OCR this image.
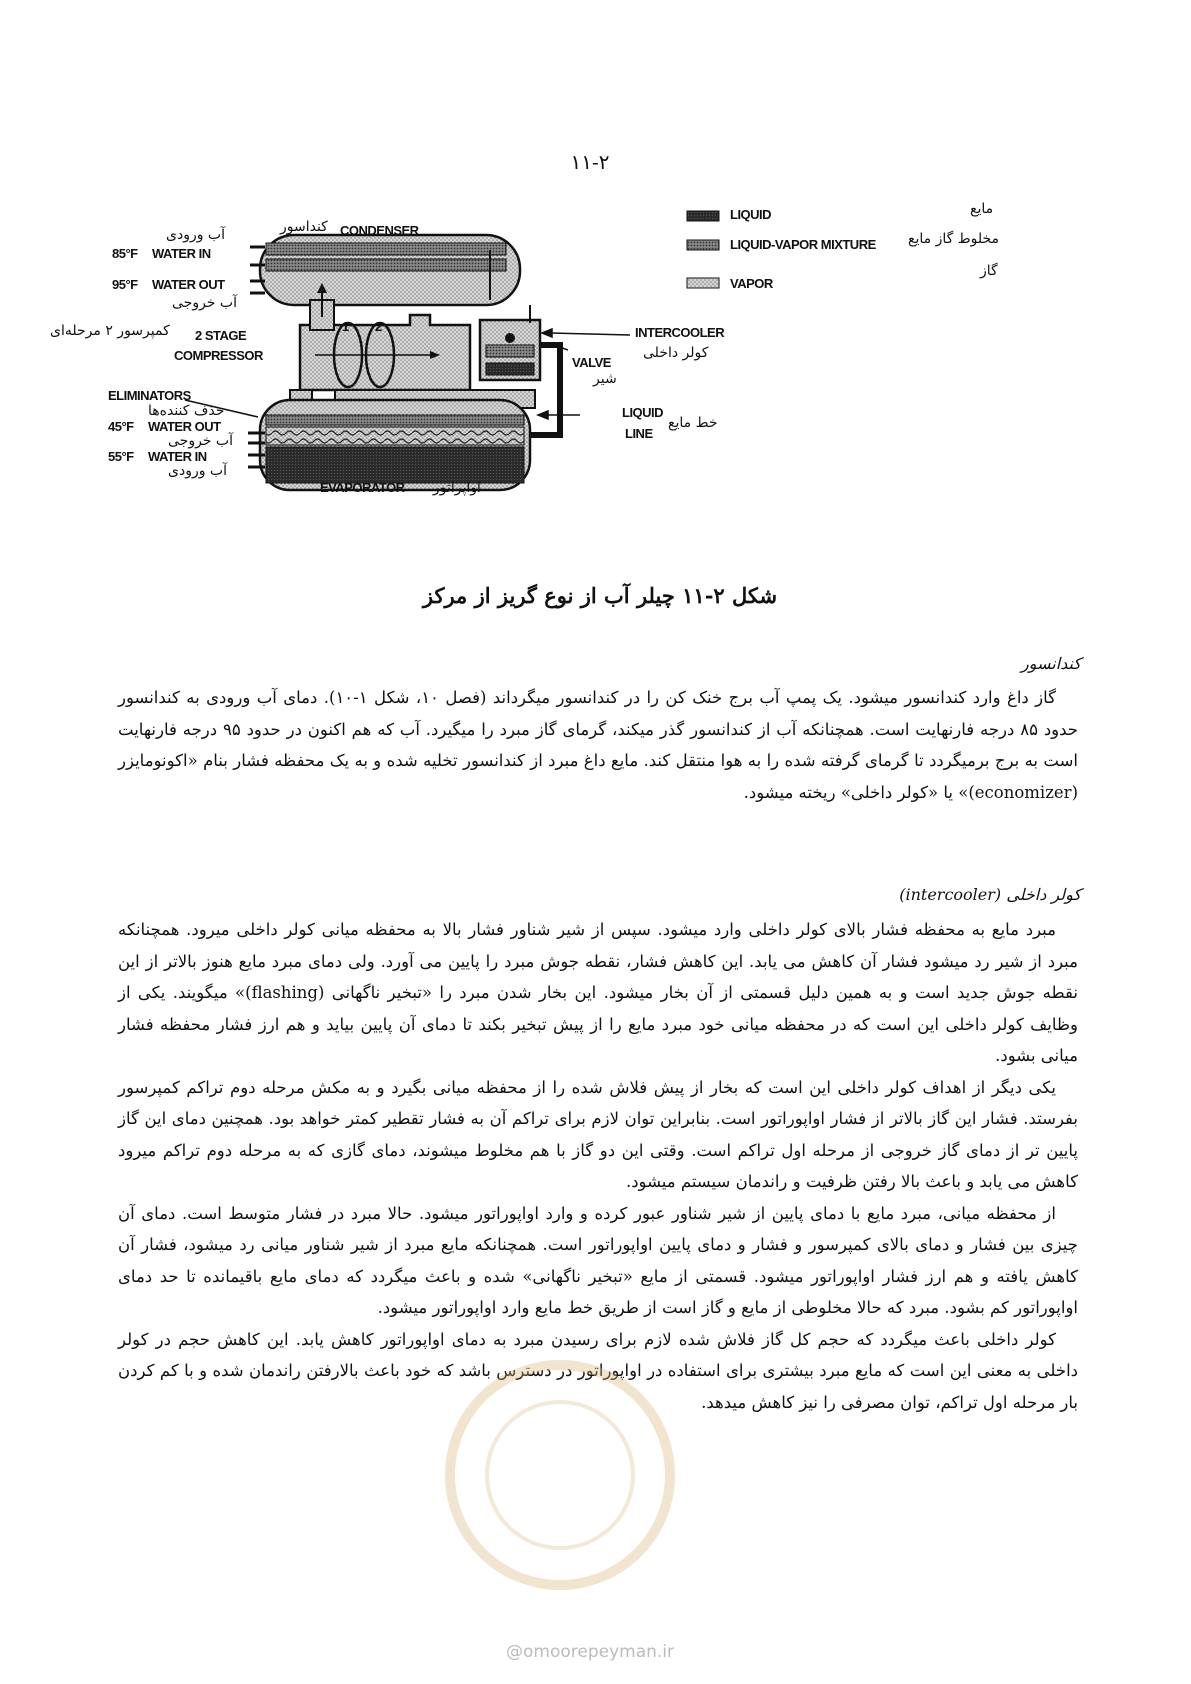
۱۱-۲
CONDENSER
85°F WATER IN
95°F WATER OUT
2 STAGE
COMPRESSOR
1 2	INTERCOOLER
VALVE
ELIMINATORS
45°F WATER OUT
55°F WATER IN
LIQUID
LINE
EVAPORATOR
کنداسور
آب ورودی
آب خروجی
کمپرسور ۲ مرحله‌ای
کولر داخلی
شیر
حذف کننده‌ها
آب خروجی
آب ورودی
خط مایع
اواپراتور
LIQUID
LIQUID-VAPOR MIXTURE
VAPOR
مایع
مخلوط گاز مایع
گاز
شکل ۲-۱۱ چیلر آب از نوع گریز از مرکز
کندانسور

گاز داغ وارد کندانسور میشود. یک پمپ آب برج خنک کن را در کندانسور میگرداند (فصل ۱۰، شکل ۱-۱۰). دمای آب ورودی به کندانسور حدود ۸۵ درجه فارنهایت است. همچنانکه آب از کندانسور گذر میکند، گرمای گاز مبرد را میگیرد. آب که هم اکنون در حدود ۹۵ درجه فارنهایت است به برج برمیگردد تا گرمای گرفته شده را به هوا منتقل کند. مایع داغ مبرد از کندانسور تخلیه شده و به یک محفظه فشار بنام «اکونومایزر (economizer)» یا «کولر داخلی» ریخته میشود.

کولر داخلی (intercooler)

مبرد مایع به محفظه فشار بالای کولر داخلی وارد میشود. سپس از شیر شناور فشار بالا به محفظه میانی کولر داخلی میرود. همچنانکه مبرد از شیر رد میشود فشار آن کاهش می یابد. این کاهش فشار، نقطه جوش مبرد را پایین می آورد. ولی دمای مبرد مایع هنوز بالاتر از این نقطه جوش جدید است و به همین دلیل قسمتی از آن بخار میشود. این بخار شدن مبرد را «تبخیر ناگهانی (flashing)» میگویند. یکی از وظایف کولر داخلی این است که در محفظه میانی خود مبرد مایع را از پیش تبخیر بکند تا دمای آن پایین بیاید و هم ارز فشار محفظه فشار میانی بشود.

یکی دیگر از اهداف کولر داخلی این است که بخار از پیش فلاش شده را از محفظه میانی بگیرد و به مکش مرحله دوم تراکم کمپرسور بفرستد. فشار این گاز بالاتر از فشار اواپوراتور است. بنابراین توان لازم برای تراکم آن به فشار تقطیر کمتر خواهد بود. همچنین دمای این گاز پایین تر از دمای گاز خروجی از مرحله اول تراکم است. وقتی این دو گاز با هم مخلوط میشوند، دمای گازی که به مرحله دوم تراکم میرود کاهش می یابد و باعث بالا رفتن ظرفیت و راندمان سیستم میشود.

از محفظه میانی، مبرد مایع با دمای پایین از شیر شناور عبور کرده و وارد اواپوراتور میشود. حالا مبرد در فشار متوسط است. دمای آن چیزی بین فشار و دمای بالای کمپرسور و فشار و دمای پایین اواپوراتور است. همچنانکه مایع مبرد از شیر شناور میانی رد میشود، فشار آن کاهش یافته و هم ارز فشار اواپوراتور میشود. قسمتی از مایع «تبخیر ناگهانی» شده و باعث میگردد که دمای مایع باقیمانده تا حد دمای اواپوراتور کم بشود. مبرد که حالا مخلوطی از مایع و گاز است از طریق خط مایع وارد اواپوراتور میشود.

کولر داخلی باعث میگردد که حجم کل گاز فلاش شده لازم برای رسیدن مبرد به دمای اواپوراتور کاهش یابد. این کاهش حجم در کولر داخلی به معنی این است که مایع مبرد بیشتری برای استفاده در اواپوراتور در دسترس باشد که خود باعث بالارفتن راندمان شده و با کم کردن بار مرحله اول تراکم، توان مصرفی را نیز کاهش میدهد.

@omoorepeyman.ir
